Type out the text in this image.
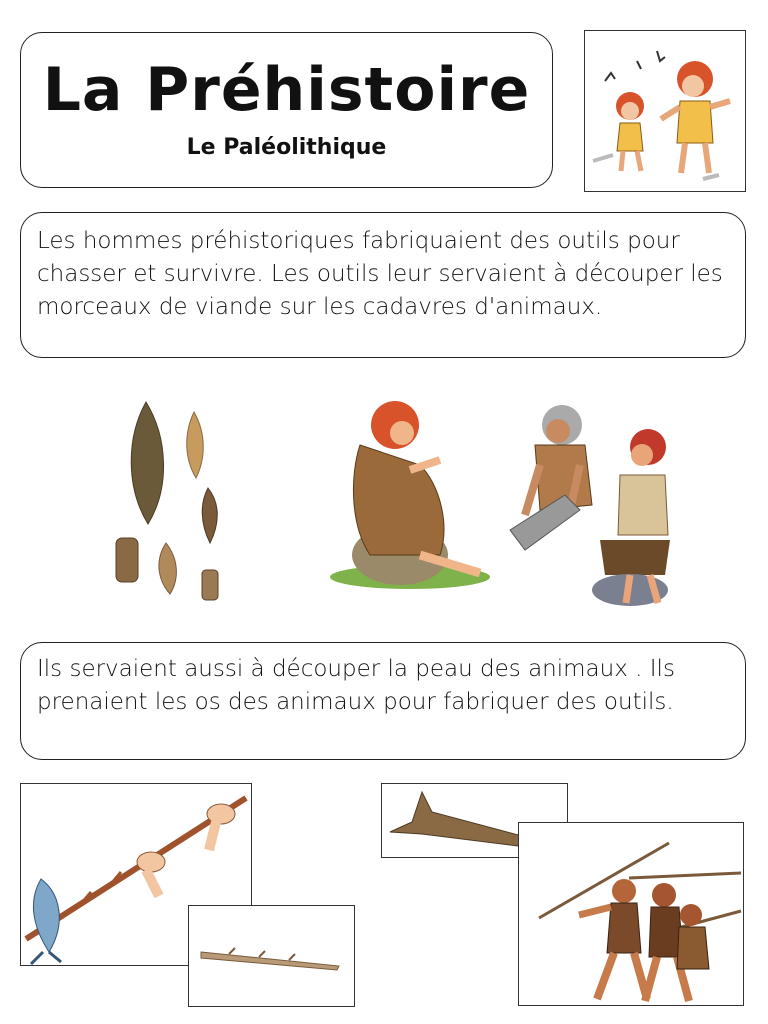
La Préhistoire
Le Paléolithique
Les hommes préhistoriques fabriquaient des outils pour chasser et survivre. Les outils leur servaient à découper les morceaux de viande sur les cadavres d'animaux.
Ils servaient aussi à découper la peau des animaux . Ils prenaient les os des animaux pour fabriquer des outils.
